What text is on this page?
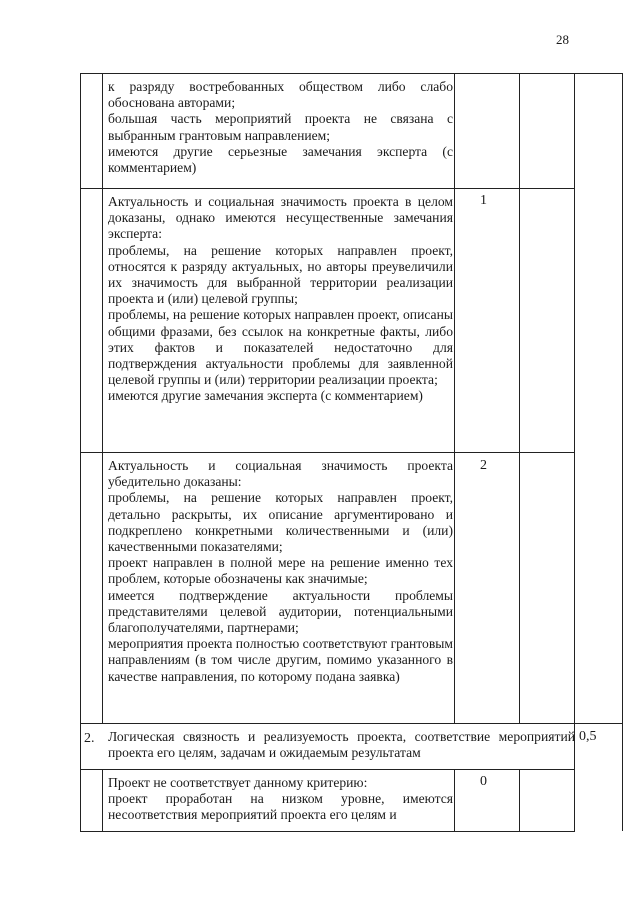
28
к разряду востребованных обществом либо слабо обоснована авторами;
большая часть мероприятий проекта не связана с выбранным грантовым направлением;
имеются другие серьезные замечания эксперта (с комментарием)
Актуальность и социальная значимость проекта в целом доказаны, однако имеются несущественные замечания эксперта:
проблемы, на решение которых направлен проект, относятся к разряду актуальных, но авторы преувеличили их значимость для выбранной территории реализации проекта и (или) целевой группы;
проблемы, на решение которых направлен проект, описаны общими фразами, без ссылок на конкретные факты, либо этих фактов и показателей недостаточно для подтверждения актуальности проблемы для заявленной целевой группы и (или) территории реализации проекта;
имеются другие замечания эксперта (с комментарием)
1
Актуальность и социальная значимость проекта убедительно доказаны:
проблемы, на решение которых направлен проект, детально раскрыты, их описание аргументировано и подкреплено конкретными количественными и (или) качественными показателями;
проект направлен в полной мере на решение именно тех проблем, которые обозначены как значимые;
имеется подтверждение актуальности проблемы представителями целевой аудитории, потенциальными благополучателями, партнерами;
мероприятия проекта полностью соответствуют грантовым направлениям (в том числе другим, помимо указанного в качестве направления, по которому подана заявка)
2
2. Логическая связность и реализуемость проекта, соответствие мероприятий проекта его целям, задачам и ожидаемым результатам
0,5
Проект не соответствует данному критерию:
проект проработан на низком уровне, имеются несоответствия мероприятий проекта его целям и
0
